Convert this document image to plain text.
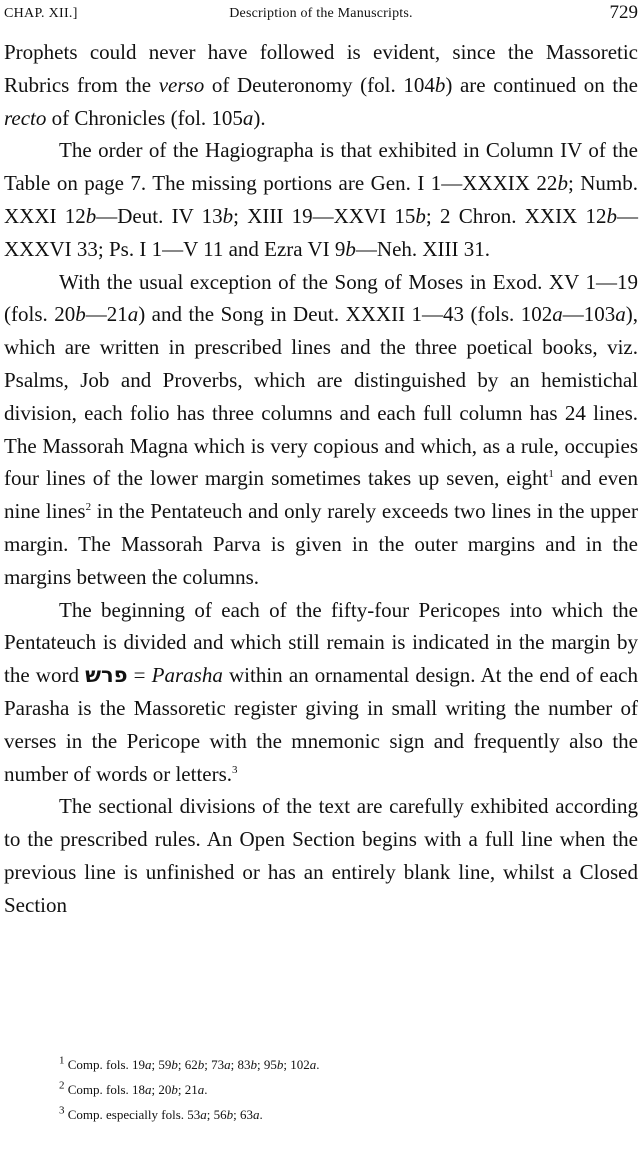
CHAP. XII.]	Description of the Manuscripts.	729

Prophets could never have followed is evident, since the Massoretic Rubrics from the verso of Deuteronomy (fol. 104b) are continued on the recto of Chronicles (fol. 105a).

The order of the Hagiographa is that exhibited in Column IV of the Table on page 7. The missing portions are Gen. I 1—XXXIX 22b; Numb. XXXI 12b—Deut. IV 13b; XIII 19—XXVI 15b; 2 Chron. XXIX 12b—XXXVI 33; Ps. I 1—V 11 and Ezra VI 9b—Neh. XIII 31.

With the usual exception of the Song of Moses in Exod. XV 1—19 (fols. 20b—21a) and the Song in Deut. XXXII 1—43 (fols. 102a—103a), which are written in prescribed lines and the three poetical books, viz. Psalms, Job and Proverbs, which are distinguished by an hemistichal division, each folio has three columns and each full column has 24 lines. The Massorah Magna which is very copious and which, as a rule, occupies four lines of the lower margin sometimes takes up seven, eight$^1$ and even nine lines$^2$ in the Pentateuch and only rarely exceeds two lines in the upper margin. The Massorah Parva is given in the outer margins and in the margins between the columns.

The beginning of each of the fifty-four Pericopes into which the Pentateuch is divided and which still remain is indicated in the margin by the word פרש = Parasha within an ornamental design. At the end of each Parasha is the Massoretic register giving in small writing the number of verses in the Pericope with the mnemonic sign and frequently also the number of words or letters.$^3$

The sectional divisions of the text are carefully exhibited according to the prescribed rules. An Open Section begins with a full line when the previous line is unfinished or has an entirely blank line, whilst a Closed Section

$^1$ Comp. fols. 19a; 59b; 62b; 73a; 83b; 95b; 102a.

$^2$ Comp. fols. 18a; 20b; 21a.

$^3$ Comp. especially fols. 53a; 56b; 63a.
